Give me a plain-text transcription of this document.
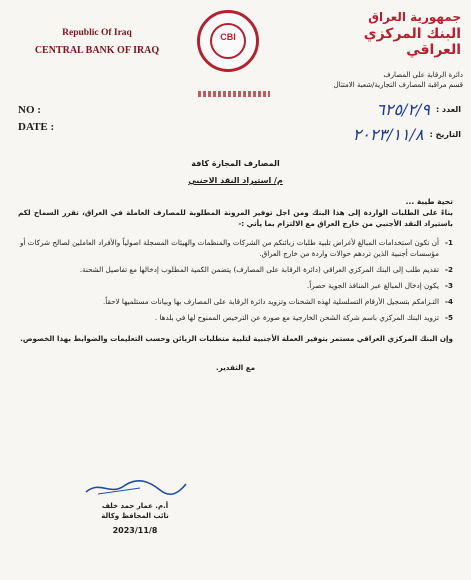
Republic Of Iraq
CENTRAL BANK OF IRAQ
CBI
جمهورية العراق
البنك المركزي العراقي
دائرة الرقابة على المصارف
قسم مراقبة المصارف التجارية/شعبة الامتثال
العدد :
٦٢٥/٢/٩
التاريخ :
٢٠٢٣/١١/٨
NO :
DATE :
المصارف المجازة كافة
م/ استيراد النقد الاجنبي
تحية طيبة ...
بناءً على الطلبات الواردة إلى هذا البنك ومن اجل توفير المرونة المطلوبة للمصارف العاملة في العراق، تقرر السماح لكم باستيراد النقد الأجنبي من خارج العراق مع الالتزام بما يأتي :-
1-
أن تكون استخدامات المبالغ لأغراض تلبية طلبات زبائنكم من الشركات والمنظمات والهيئات المسجلة اصولياً والأفراد العاملين لصالح شركات أو مؤسسات أجنبية الذين تردهم حوالات واردة من خارج العراق.
2-
تقديم طلب إلى البنك المركزي العراقي (دائرة الرقابة على المصارف) يتضمن الكمية المطلوب إدخالها مع تفاصيل الشحنة.
3-
يكون إدخال المبالغ عبر المنافذ الجوية حصراً.
4-
التـزامكم بتسجيل الأرقام التسلسلية لهذه الشحنات وتزويد دائرة الرقابة على المصارف بها وبيانات مستلميها لاحقاً.
5-
تزويد البنك المركزي باسم شركة الشحن الخارجية مع صورة عن الترخيص الممنوح لها في بلدها .
وإن البنك المركزي العراقي مستمر بتوفير العملة الأجنبية لتلبية متطلبات الزبائن وحسب التعليمات والضوابط بهذا الخصوص.
مع التقدير.
أ.م. عمار حمد خلف
نائب المحافظ وكالة
2023/11/8
